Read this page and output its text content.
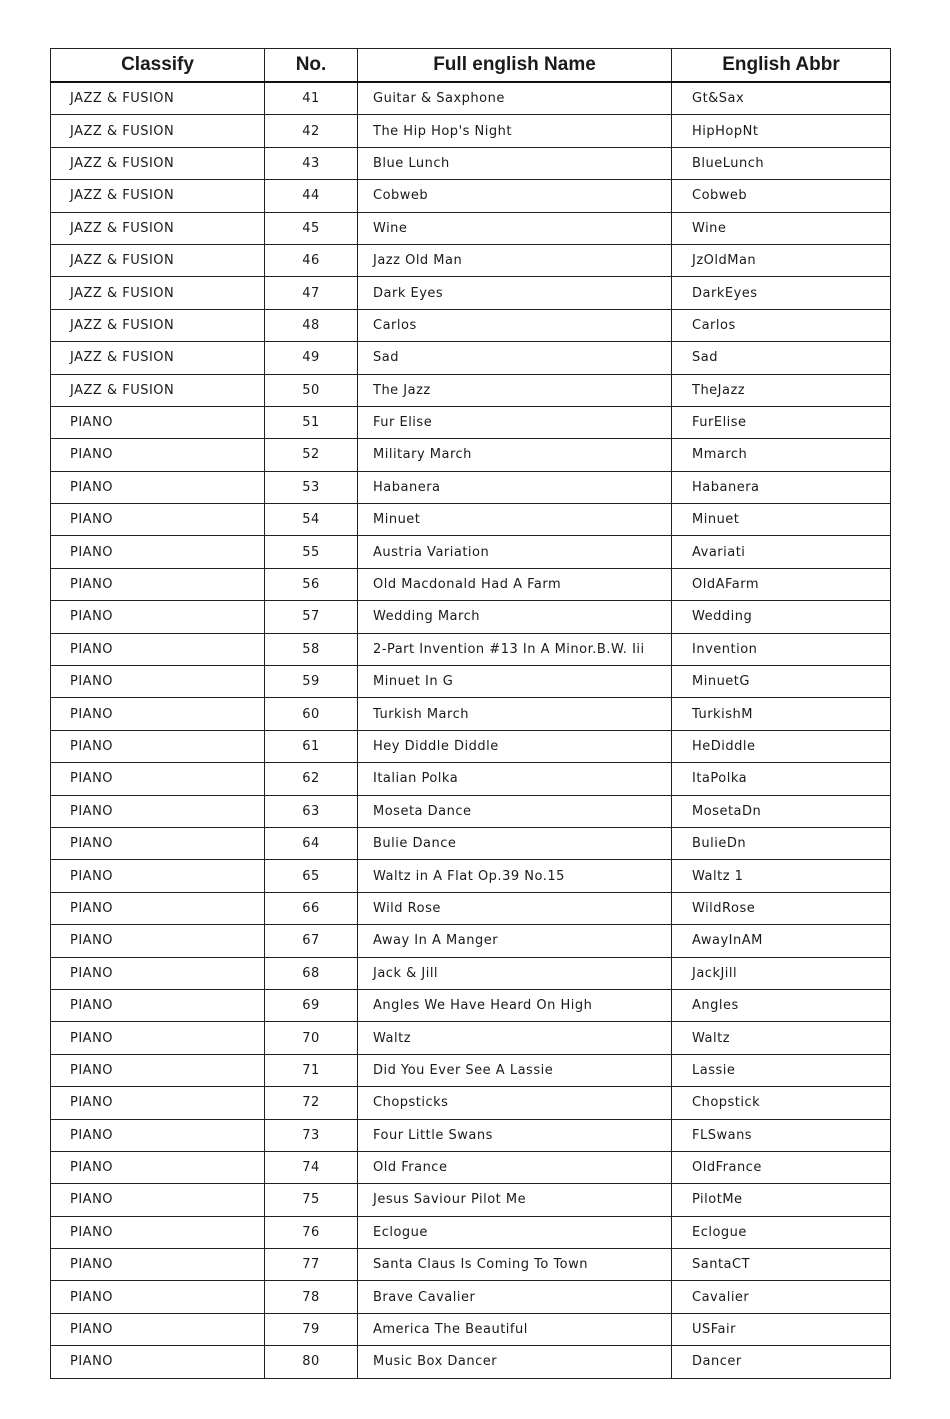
Classify	No.	Full english Name	English Abbr
JAZZ & FUSION	41	Guitar & Saxphone	Gt&Sax
JAZZ & FUSION	42	The Hip Hop's Night	HipHopNt
JAZZ & FUSION	43	Blue Lunch	BlueLunch
JAZZ & FUSION	44	Cobweb	Cobweb
JAZZ & FUSION	45	Wine	Wine
JAZZ & FUSION	46	Jazz Old Man	JzOldMan
JAZZ & FUSION	47	Dark Eyes	DarkEyes
JAZZ & FUSION	48	Carlos	Carlos
JAZZ & FUSION	49	Sad	Sad
JAZZ & FUSION	50	The Jazz	TheJazz
PIANO	51	Fur Elise	FurElise
PIANO	52	Military March	Mmarch
PIANO	53	Habanera	Habanera
PIANO	54	Minuet	Minuet
PIANO	55	Austria Variation	Avariati
PIANO	56	Old Macdonald Had A Farm	OldAFarm
PIANO	57	Wedding March	Wedding
PIANO	58	2-Part Invention #13 In A Minor.B.W. Iii	Invention
PIANO	59	Minuet In G	MinuetG
PIANO	60	Turkish March	TurkishM
PIANO	61	Hey Diddle Diddle	HeDiddle
PIANO	62	Italian Polka	ItaPolka
PIANO	63	Moseta Dance	MosetaDn
PIANO	64	Bulie Dance	BulieDn
PIANO	65	Waltz in A Flat Op.39 No.15	Waltz 1
PIANO	66	Wild Rose	WildRose
PIANO	67	Away In A Manger	AwayInAM
PIANO	68	Jack & Jill	JackJill
PIANO	69	Angles We Have Heard On High	Angles
PIANO	70	Waltz	Waltz
PIANO	71	Did You Ever See A Lassie	Lassie
PIANO	72	Chopsticks	Chopstick
PIANO	73	Four Little Swans	FLSwans
PIANO	74	Old France	OldFrance
PIANO	75	Jesus Saviour Pilot Me	PilotMe
PIANO	76	Eclogue	Eclogue
PIANO	77	Santa Claus Is Coming To Town	SantaCT
PIANO	78	Brave Cavalier	Cavalier
PIANO	79	America The Beautiful	USFair
PIANO	80	Music Box Dancer	Dancer
